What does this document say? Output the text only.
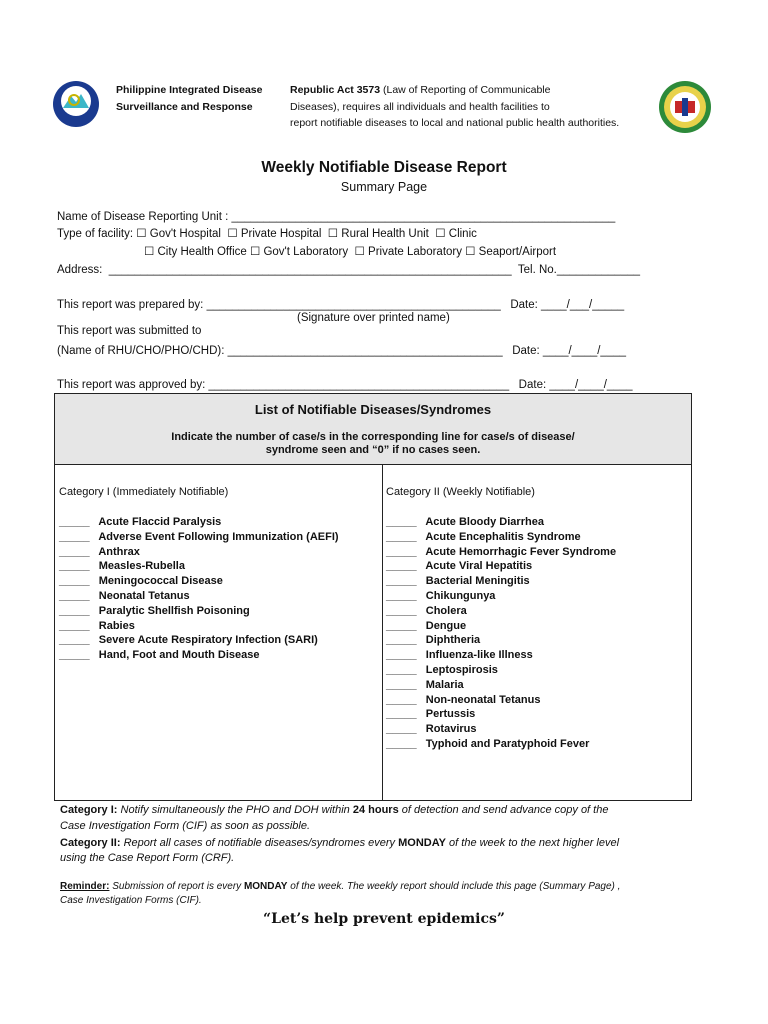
Philippine Integrated Disease
Surveillance and Response
Republic Act 3573 (Law of Reporting of Communicable
Diseases), requires all individuals and health facilities to
report notifiable diseases to local and national public health authorities.
Weekly Notifiable Disease Report
Summary Page
Name of Disease Reporting Unit : ____________________________________________________________
Type of facility: ☐ Gov't Hospital  ☐ Private Hospital  ☐ Rural Health Unit  ☐ Clinic
☐ City Health Office ☐ Gov't Laboratory  ☐ Private Laboratory ☐ Seaport/Airport
Address:  _______________________________________________________________  Tel. No._____________
This report was prepared by: ______________________________________________   Date: ____/___/_____
(Signature over printed name)
This report was submitted to
(Name of RHU/CHO/PHO/CHD): ___________________________________________   Date: ____/____/____
This report was approved by: _______________________________________________   Date: ____/____/____
List of Notifiable Diseases/Syndromes
Indicate the number of case/s in the corresponding line for case/s of disease/
syndrome seen and “0” if no cases seen.
Category I (Immediately Notifiable)	Category II (Weekly Notifiable)
_____   Acute Flaccid Paralysis
_____   Adverse Event Following Immunization (AEFI)
_____   Anthrax
_____   Measles-Rubella
_____   Meningococcal Disease
_____   Neonatal Tetanus
_____   Paralytic Shellfish Poisoning
_____   Rabies
_____   Severe Acute Respiratory Infection (SARI)
_____   Hand, Foot and Mouth Disease
_____   Acute Bloody Diarrhea
_____   Acute Encephalitis Syndrome
_____   Acute Hemorrhagic Fever Syndrome
_____   Acute Viral Hepatitis
_____   Bacterial Meningitis
_____   Chikungunya
_____   Cholera
_____   Dengue
_____   Diphtheria
_____   Influenza-like Illness
_____   Leptospirosis
_____   Malaria
_____   Non-neonatal Tetanus
_____   Pertussis
_____   Rotavirus
_____   Typhoid and Paratyphoid Fever
Category I: Notify simultaneously the PHO and DOH within 24 hours of detection and send advance copy of the
Case Investigation Form (CIF) as soon as possible.
Category II: Report all cases of notifiable diseases/syndromes every MONDAY of the week to the next higher level
using the Case Report Form (CRF).
Reminder: Submission of report is every MONDAY of the week. The weekly report should include this page (Summary Page) ,
Case Investigation Forms (CIF).
“Let’s help prevent epidemics”
